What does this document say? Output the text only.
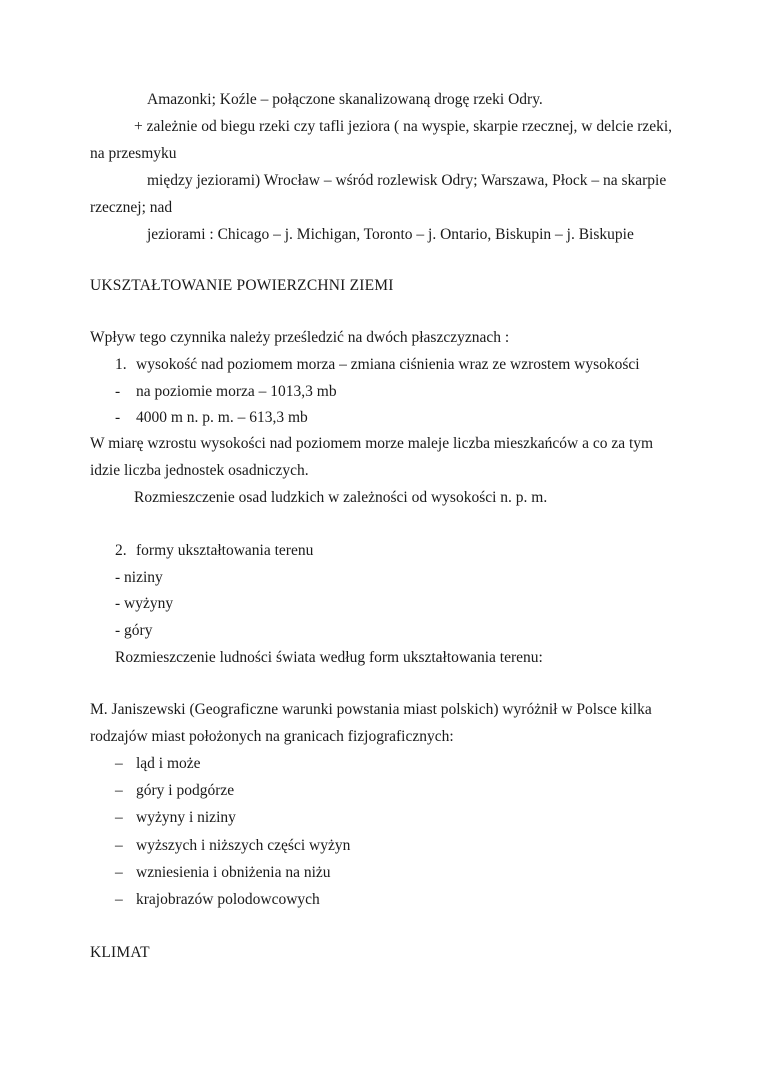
Amazonki; Koźle – połączone skanalizowaną drogę rzeki Odry.
+ zależnie od biegu rzeki czy tafli jeziora ( na wyspie, skarpie rzecznej, w delcie rzeki,
na przesmyku
między jeziorami) Wrocław – wśród rozlewisk Odry; Warszawa, Płock – na skarpie
rzecznej; nad
jeziorami : Chicago – j. Michigan, Toronto – j. Ontario, Biskupin – j. Biskupie
UKSZTAŁTOWANIE POWIERZCHNI ZIEMI
Wpływ tego czynnika należy prześledzić na dwóch płaszczyznach :
1. wysokość nad poziomem morza – zmiana ciśnienia wraz ze wzrostem wysokości
- na poziomie morza – 1013,3 mb
- 4000 m n. p. m. – 613,3 mb
W miarę wzrostu wysokości nad poziomem morze maleje liczba mieszkańców a co za tym
idzie liczba jednostek osadniczych.
Rozmieszczenie osad ludzkich w zależności od wysokości n. p. m.
2. formy ukształtowania terenu
- niziny
- wyżyny
- góry
Rozmieszczenie ludności świata według form ukształtowania terenu:
M. Janiszewski (Geograficzne warunki powstania miast polskich) wyróżnił w Polsce kilka
rodzajów miast położonych na granicach fizjograficznych:
– ląd i może
– góry i podgórze
– wyżyny i niziny
– wyższych i niższych części wyżyn
– wzniesienia i obniżenia na niżu
– krajobrazów polodowcowych
KLIMAT
